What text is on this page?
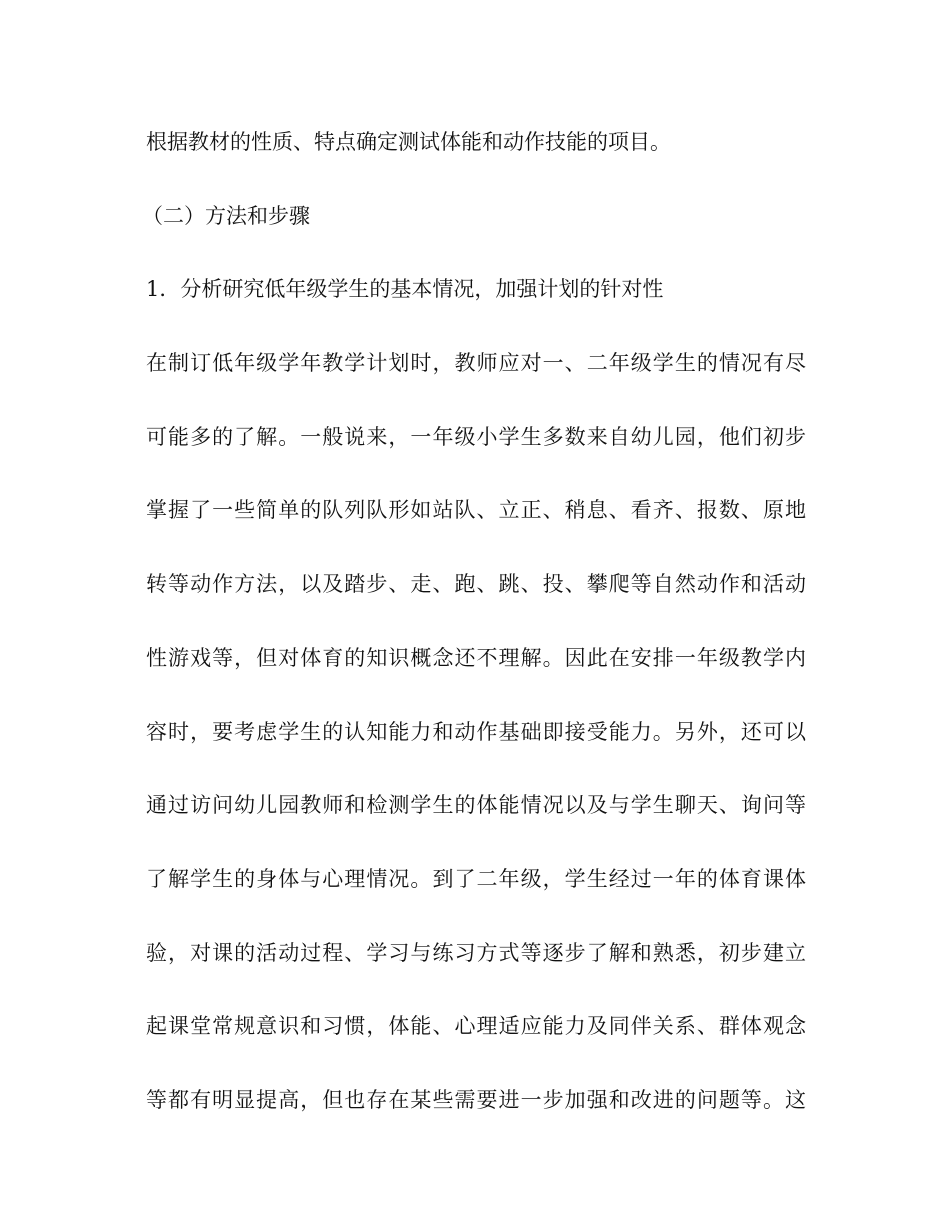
根据教材的性质、特点确定测试体能和动作技能的项目。
（二）方法和步骤
1．分析研究低年级学生的基本情况，加强计划的针对性
在制订低年级学年教学计划时，教师应对一、二年级学生的情况有尽
可能多的了解。一般说来，一年级小学生多数来自幼儿园，他们初步
掌握了一些简单的队列队形如站队、立正、稍息、看齐、报数、原地
转等动作方法，以及踏步、走、跑、跳、投、攀爬等自然动作和活动
性游戏等，但对体育的知识概念还不理解。因此在安排一年级教学内
容时，要考虑学生的认知能力和动作基础即接受能力。另外，还可以
通过访问幼儿园教师和检测学生的体能情况以及与学生聊天、询问等
了解学生的身体与心理情况。到了二年级，学生经过一年的体育课体
验，对课的活动过程、学习与练习方式等逐步了解和熟悉，初步建立
起课堂常规意识和习惯，体能、心理适应能力及同伴关系、群体观念
等都有明显提高，但也存在某些需要进一步加强和改进的问题等。这
